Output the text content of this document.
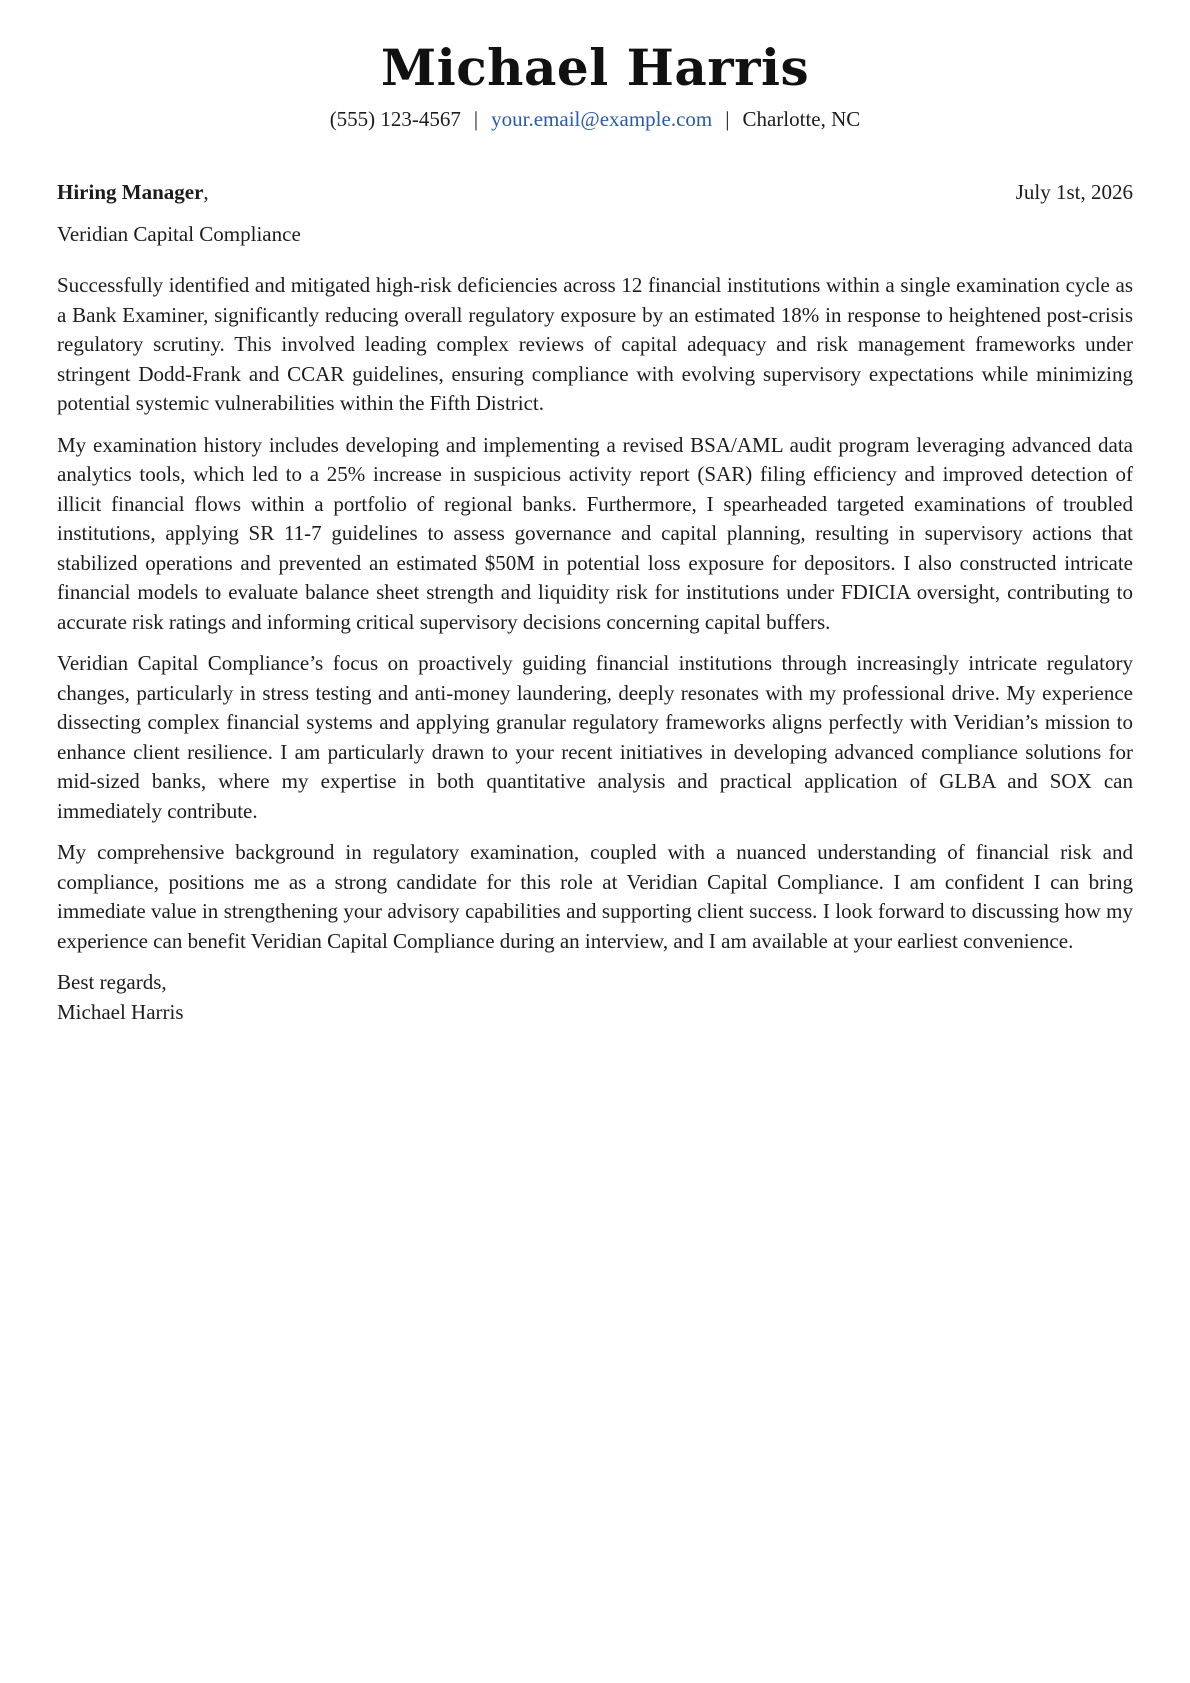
Michael Harris
(555) 123-4567 | your.email@example.com | Charlotte, NC
Hiring Manager,	July 1st, 2026
Veridian Capital Compliance

Successfully identified and mitigated high-risk deficiencies across 12 financial institutions within a single examination cycle as a Bank Examiner, significantly reducing overall regulatory exposure by an estimated 18% in response to heightened post-crisis regulatory scrutiny. This involved leading complex reviews of capital adequacy and risk management frameworks under stringent Dodd-Frank and CCAR guidelines, ensuring compliance with evolving supervisory expectations while minimizing potential systemic vulnerabilities within the Fifth District.

My examination history includes developing and implementing a revised BSA/AML audit program leveraging advanced data analytics tools, which led to a 25% increase in suspicious activity report (SAR) filing efficiency and improved detection of illicit financial flows within a portfolio of regional banks. Furthermore, I spearheaded targeted examinations of troubled institutions, applying SR 11-7 guidelines to assess governance and capital planning, resulting in supervisory actions that stabilized operations and prevented an estimated $50M in potential loss exposure for depositors. I also constructed intricate financial models to evaluate balance sheet strength and liquidity risk for institutions under FDICIA oversight, contributing to accurate risk ratings and informing critical supervisory decisions concerning capital buffers.

Veridian Capital Compliance’s focus on proactively guiding financial institutions through increasingly intricate regulatory changes, particularly in stress testing and anti-money laundering, deeply resonates with my professional drive. My experience dissecting complex financial systems and applying granular regulatory frameworks aligns perfectly with Veridian’s mission to enhance client resilience. I am particularly drawn to your recent initiatives in developing advanced compliance solutions for mid-sized banks, where my expertise in both quantitative analysis and practical application of GLBA and SOX can immediately contribute.

My comprehensive background in regulatory examination, coupled with a nuanced understanding of financial risk and compliance, positions me as a strong candidate for this role at Veridian Capital Compliance. I am confident I can bring immediate value in strengthening your advisory capabilities and supporting client success. I look forward to discussing how my experience can benefit Veridian Capital Compliance during an interview, and I am available at your earliest convenience.

Best regards,
Michael Harris
